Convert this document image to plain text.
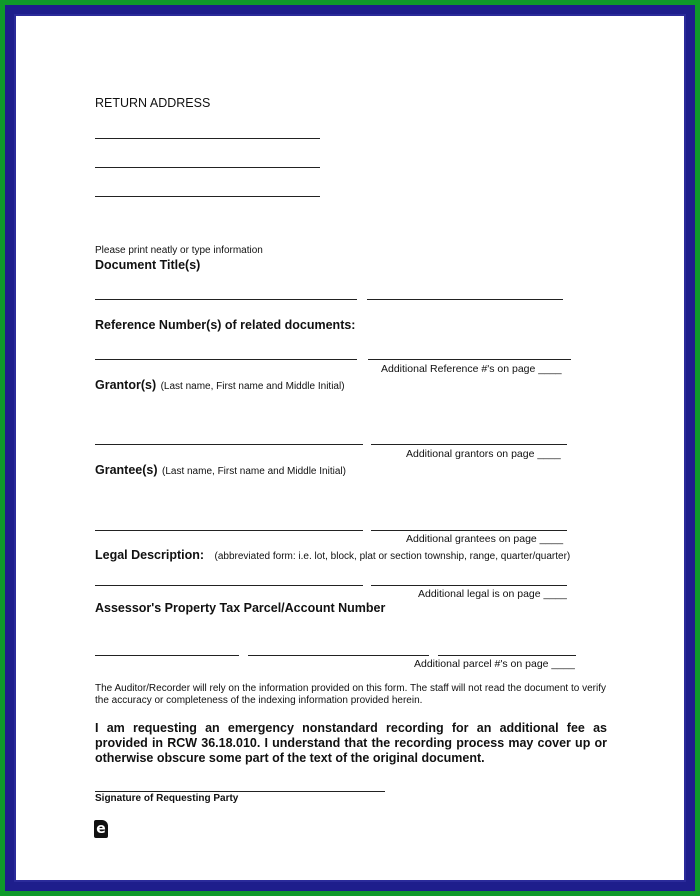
RETURN ADDRESS
Please print neatly or type information
Document Title(s)
Reference Number(s) of related documents:
Additional Reference #'s on page ____
Grantor(s) (Last name, First name and Middle Initial)
Additional grantors on page ____
Grantee(s) (Last name, First name and Middle Initial)
Additional grantees on page ____
Legal Description: (abbreviated form: i.e. lot, block, plat or section township, range, quarter/quarter)
Additional legal is on page ____
Assessor's Property Tax Parcel/Account Number
Additional parcel #'s on page ____
The Auditor/Recorder will rely on the information provided on this form. The staff will not read the document to verify the accuracy or completeness of the indexing information provided herein.
I am requesting an emergency nonstandard recording for an additional fee as provided in RCW 36.18.010. I understand that the recording process may cover up or otherwise obscure some part of the text of the original document.
Signature of Requesting Party
e
